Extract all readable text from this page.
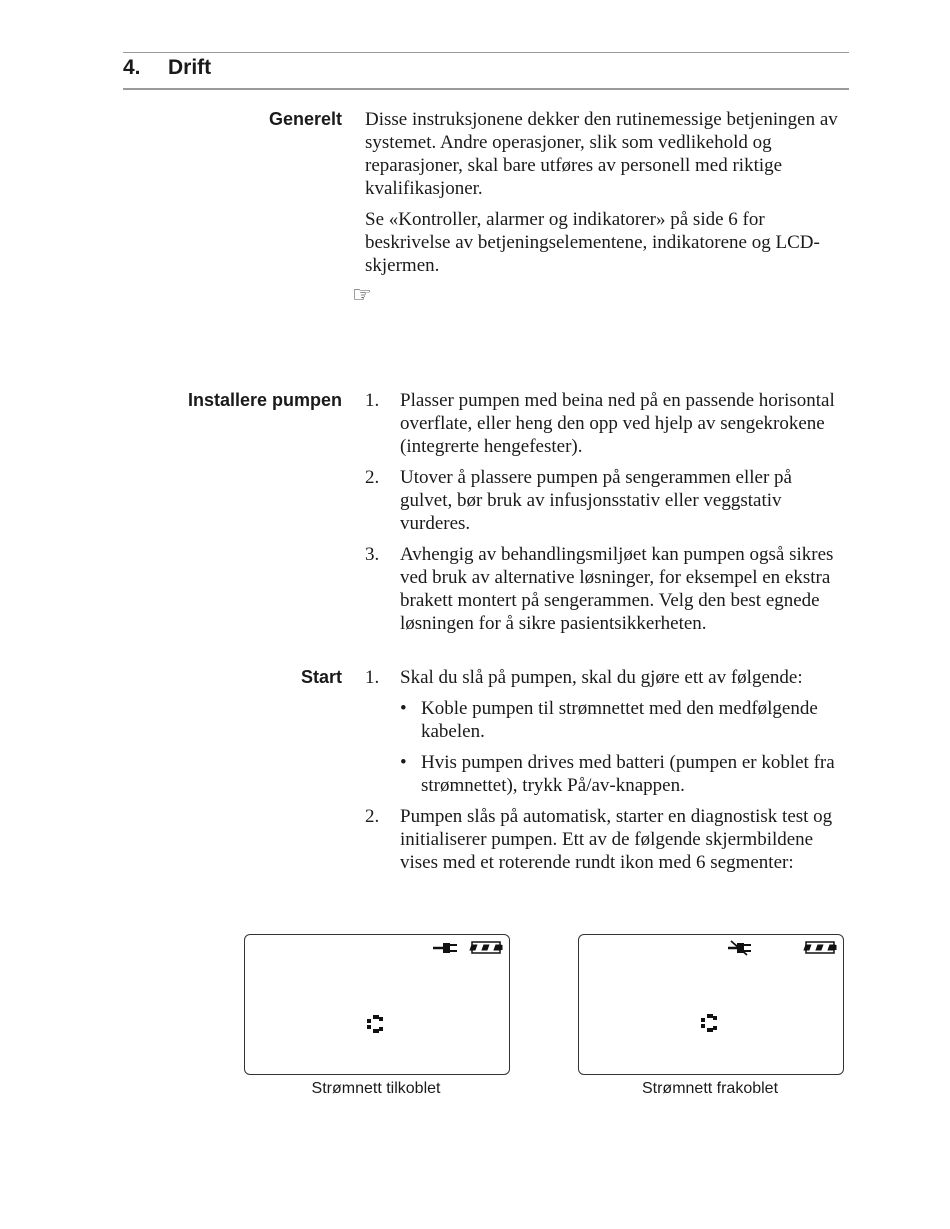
4. Drift
Generelt Disse instruksjonene dekker den rutinemessige betjeningen av systemet. Andre operasjoner, slik som vedlikehold og reparasjoner, skal bare utføres av personell med riktige kvalifikasjoner.

Se «Kontroller, alarmer og indikatorer» på side 6 for beskrivelse av betjeningselementene, indikatorene og LCD-skjermen.

☞
Installere pumpen 1. Plasser pumpen med beina ned på en passende horisontal overflate, eller heng den opp ved hjelp av sengekrokene (integrerte hengefester).
2. Utover å plassere pumpen på sengerammen eller på gulvet, bør bruk av infusjonsstativ eller veggstativ vurderes.
3. Avhengig av behandlingsmiljøet kan pumpen også sikres ved bruk av alternative løsninger, for eksempel en ekstra brakett montert på sengerammen. Velg den best egnede løsningen for å sikre pasientsikkerheten.
Start 1. Skal du slå på pumpen, skal du gjøre ett av følgende:
• Koble pumpen til strømnettet med den medfølgende kabelen.
• Hvis pumpen drives med batteri (pumpen er koblet fra strømnettet), trykk På/av-knappen.
2. Pumpen slås på automatisk, starter en diagnostisk test og initialiserer pumpen. Ett av de følgende skjermbildene vises med et roterende rundt ikon med 6 segmenter:
Strømnett tilkoblet	Strømnett frakoblet
